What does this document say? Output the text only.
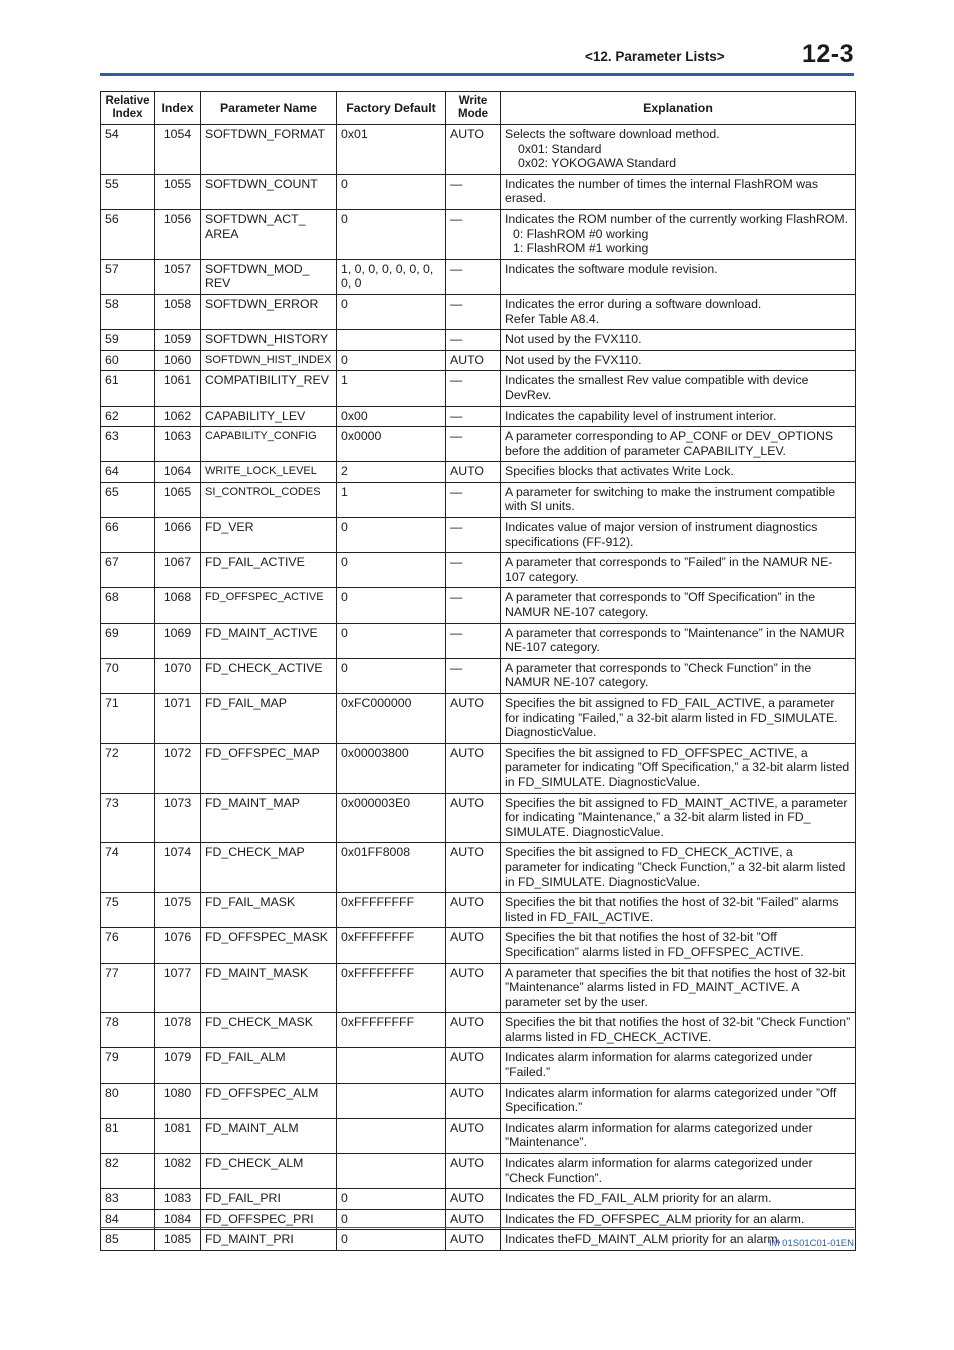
<12. Parameter Lists>	12-3
Relative Index	Index	Parameter Name	Factory Default	Write Mode	Explanation
54	1054	SOFTDWN_FORMAT	0x01	AUTO	Selects the software download method.
0x01: Standard
0x02: YOKOGAWA Standard

55	1055	SOFTDWN_COUNT	0	—	Indicates the number of times the internal FlashROM was erased.

56	1056	SOFTDWN_ACT_ AREA	0	—	Indicates the ROM number of the currently working FlashROM.
0: FlashROM #0 working
1: FlashROM #1 working

57	1057	SOFTDWN_MOD_ REV	1, 0, 0, 0, 0, 0, 0, 0, 0	—	Indicates the software module revision.

58	1058	SOFTDWN_ERROR	0	—	Indicates the error during a software download.
Refer Table A8.4.

59	1059	SOFTDWN_HISTORY		—	Not used by the FVX110.

60	1060	SOFTDWN_HIST_INDEX	0	AUTO	Not used by the FVX110.

61	1061	COMPATIBILITY_REV	1	—	Indicates the smallest Rev value compatible with device DevRev.

62	1062	CAPABILITY_LEV	0x00	—	Indicates the capability level of instrument interior.

63	1063	CAPABILITY_CONFIG	0x0000	—	A parameter corresponding to AP_CONF or DEV_OPTIONS before the addition of parameter CAPABILITY_LEV.

64	1064	WRITE_LOCK_LEVEL	2	AUTO	Specifies blocks that activates Write Lock.

65	1065	SI_CONTROL_CODES	1	—	A parameter for switching to make the instrument compatible with SI units.

66	1066	FD_VER	0	—	Indicates value of major version of instrument diagnostics specifications (FF-912).

67	1067	FD_FAIL_ACTIVE	0	—	A parameter that corresponds to ”Failed” in the NAMUR NE-107 category.

68	1068	FD_OFFSPEC_ACTIVE	0	—	A parameter that corresponds to ”Off Specification” in the NAMUR NE-107 category.

69	1069	FD_MAINT_ACTIVE	0	—	A parameter that corresponds to ”Maintenance” in the NAMUR NE-107 category.

70	1070	FD_CHECK_ACTIVE	0	—	A parameter that corresponds to ”Check Function” in the NAMUR NE-107 category.

71	1071	FD_FAIL_MAP	0xFC000000	AUTO	Specifies the bit assigned to FD_FAIL_ACTIVE, a parameter for indicating ”Failed,” a 32-bit alarm listed in FD_SIMULATE. DiagnosticValue.

72	1072	FD_OFFSPEC_MAP	0x00003800	AUTO	Specifies the bit assigned to FD_OFFSPEC_ACTIVE, a parameter for indicating ”Off Specification,” a 32-bit alarm listed in FD_SIMULATE. DiagnosticValue.

73	1073	FD_MAINT_MAP	0x000003E0	AUTO	Specifies the bit assigned to FD_MAINT_ACTIVE, a parameter for indicating ”Maintenance,” a 32-bit alarm listed in FD_ SIMULATE. DiagnosticValue.

74	1074	FD_CHECK_MAP	0x01FF8008	AUTO	Specifies the bit assigned to FD_CHECK_ACTIVE, a parameter for indicating ”Check Function,” a 32-bit alarm listed in FD_SIMULATE. DiagnosticValue.

75	1075	FD_FAIL_MASK	0xFFFFFFFF	AUTO	Specifies the bit that notifies the host of 32-bit ”Failed” alarms listed in FD_FAIL_ACTIVE.

76	1076	FD_OFFSPEC_MASK	0xFFFFFFFF	AUTO	Specifies the bit that notifies the host of 32-bit ”Off Specification” alarms listed in FD_OFFSPEC_ACTIVE.

77	1077	FD_MAINT_MASK	0xFFFFFFFF	AUTO	A parameter that specifies the bit that notifies the host of 32-bit ”Maintenance” alarms listed in FD_MAINT_ACTIVE. A parameter set by the user.

78	1078	FD_CHECK_MASK	0xFFFFFFFF	AUTO	Specifies the bit that notifies the host of 32-bit ”Check Function” alarms listed in FD_CHECK_ACTIVE.

79	1079	FD_FAIL_ALM		AUTO	Indicates alarm information for alarms categorized under ”Failed.”

80	1080	FD_OFFSPEC_ALM		AUTO	Indicates alarm information for alarms categorized under ”Off Specification.”

81	1081	FD_MAINT_ALM		AUTO	Indicates alarm information for alarms categorized under ”Maintenance”.

82	1082	FD_CHECK_ALM		AUTO	Indicates alarm information for alarms categorized under ”Check Function”.

83	1083	FD_FAIL_PRI	0	AUTO	Indicates the FD_FAIL_ALM priority for an alarm.

84	1084	FD_OFFSPEC_PRI	0	AUTO	Indicates the FD_OFFSPEC_ALM priority for an alarm.

85	1085	FD_MAINT_PRI	0	AUTO	Indicates theFD_MAINT_ALM priority for an alarm.
IM 01S01C01-01EN
